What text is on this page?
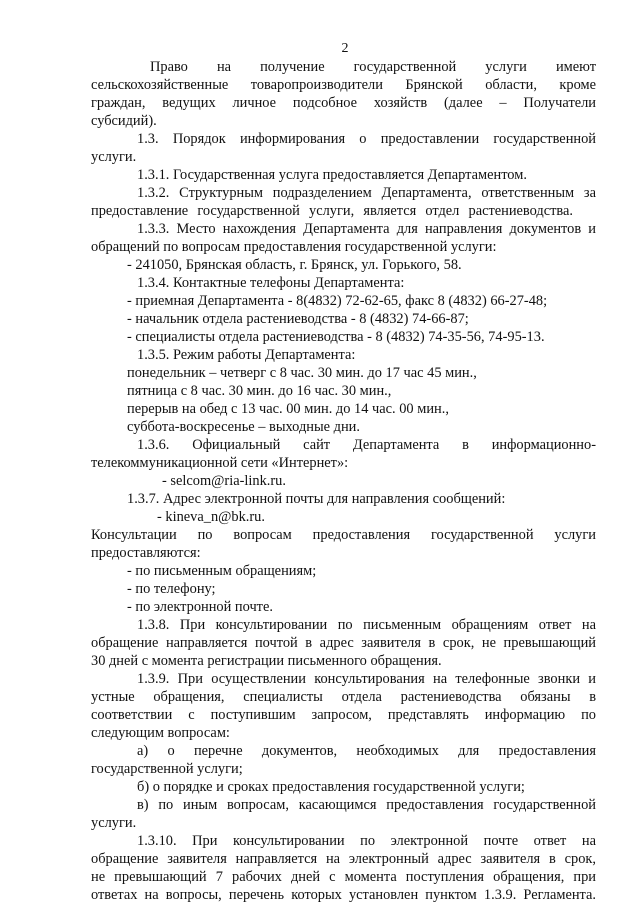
2
Право на получение государственной услуги имеют
сельскохозяйственные товаропроизводители Брянской области, кроме
граждан, ведущих личное подсобное хозяйств (далее – Получатели
субсидий).
1.3. Порядок информирования о предоставлении государственной
услуги.
1.3.1. Государственная услуга предоставляется Департаментом.
1.3.2. Структурным подразделением Департамента, ответственным за
предоставление государственной услуги, является отдел растениеводства.
1.3.3. Место нахождения Департамента для направления документов и
обращений по вопросам предоставления государственной услуги:
- 241050, Брянская область, г. Брянск, ул. Горького, 58.
1.3.4. Контактные телефоны Департамента:
- приемная Департамента - 8(4832) 72-62-65, факс 8 (4832) 66-27-48;
- начальник отдела растениеводства - 8 (4832) 74-66-87;
- специалисты отдела растениеводства - 8 (4832) 74-35-56, 74-95-13.
1.3.5. Режим работы Департамента:
понедельник – четверг с 8 час. 30 мин. до 17 час 45 мин.,
пятница с 8 час. 30 мин. до 16 час. 30 мин.,
перерыв на обед с 13 час. 00 мин. до 14 час. 00 мин.,
суббота-воскресенье – выходные дни.
1.3.6. Официальный сайт Департамента в информационно-
телекоммуникационной сети «Интернет»:
- selcom@ria-link.ru.
1.3.7. Адрес электронной почты для направления сообщений:
- kineva_n@bk.ru.
Консультации по вопросам предоставления государственной услуги
предоставляются:
- по письменным обращениям;
- по телефону;
- по электронной почте.
1.3.8. При консультировании по письменным обращениям ответ на
обращение направляется почтой в адрес заявителя в срок, не превышающий
30 дней с момента регистрации письменного обращения.
1.3.9. При осуществлении консультирования на телефонные звонки и
устные обращения, специалисты отдела растениеводства обязаны в
соответствии с поступившим запросом, представлять информацию по
следующим вопросам:
а) о перечне документов, необходимых для предоставления
государственной услуги;
б) о порядке и сроках предоставления государственной услуги;
в) по иным вопросам, касающимся предоставления государственной
услуги.
1.3.10. При консультировании по электронной почте ответ на
обращение заявителя направляется на электронный адрес заявителя в срок,
не превышающий 7 рабочих дней с момента поступления обращения, при
ответах на вопросы, перечень которых установлен пунктом 1.3.9. Регламента.
